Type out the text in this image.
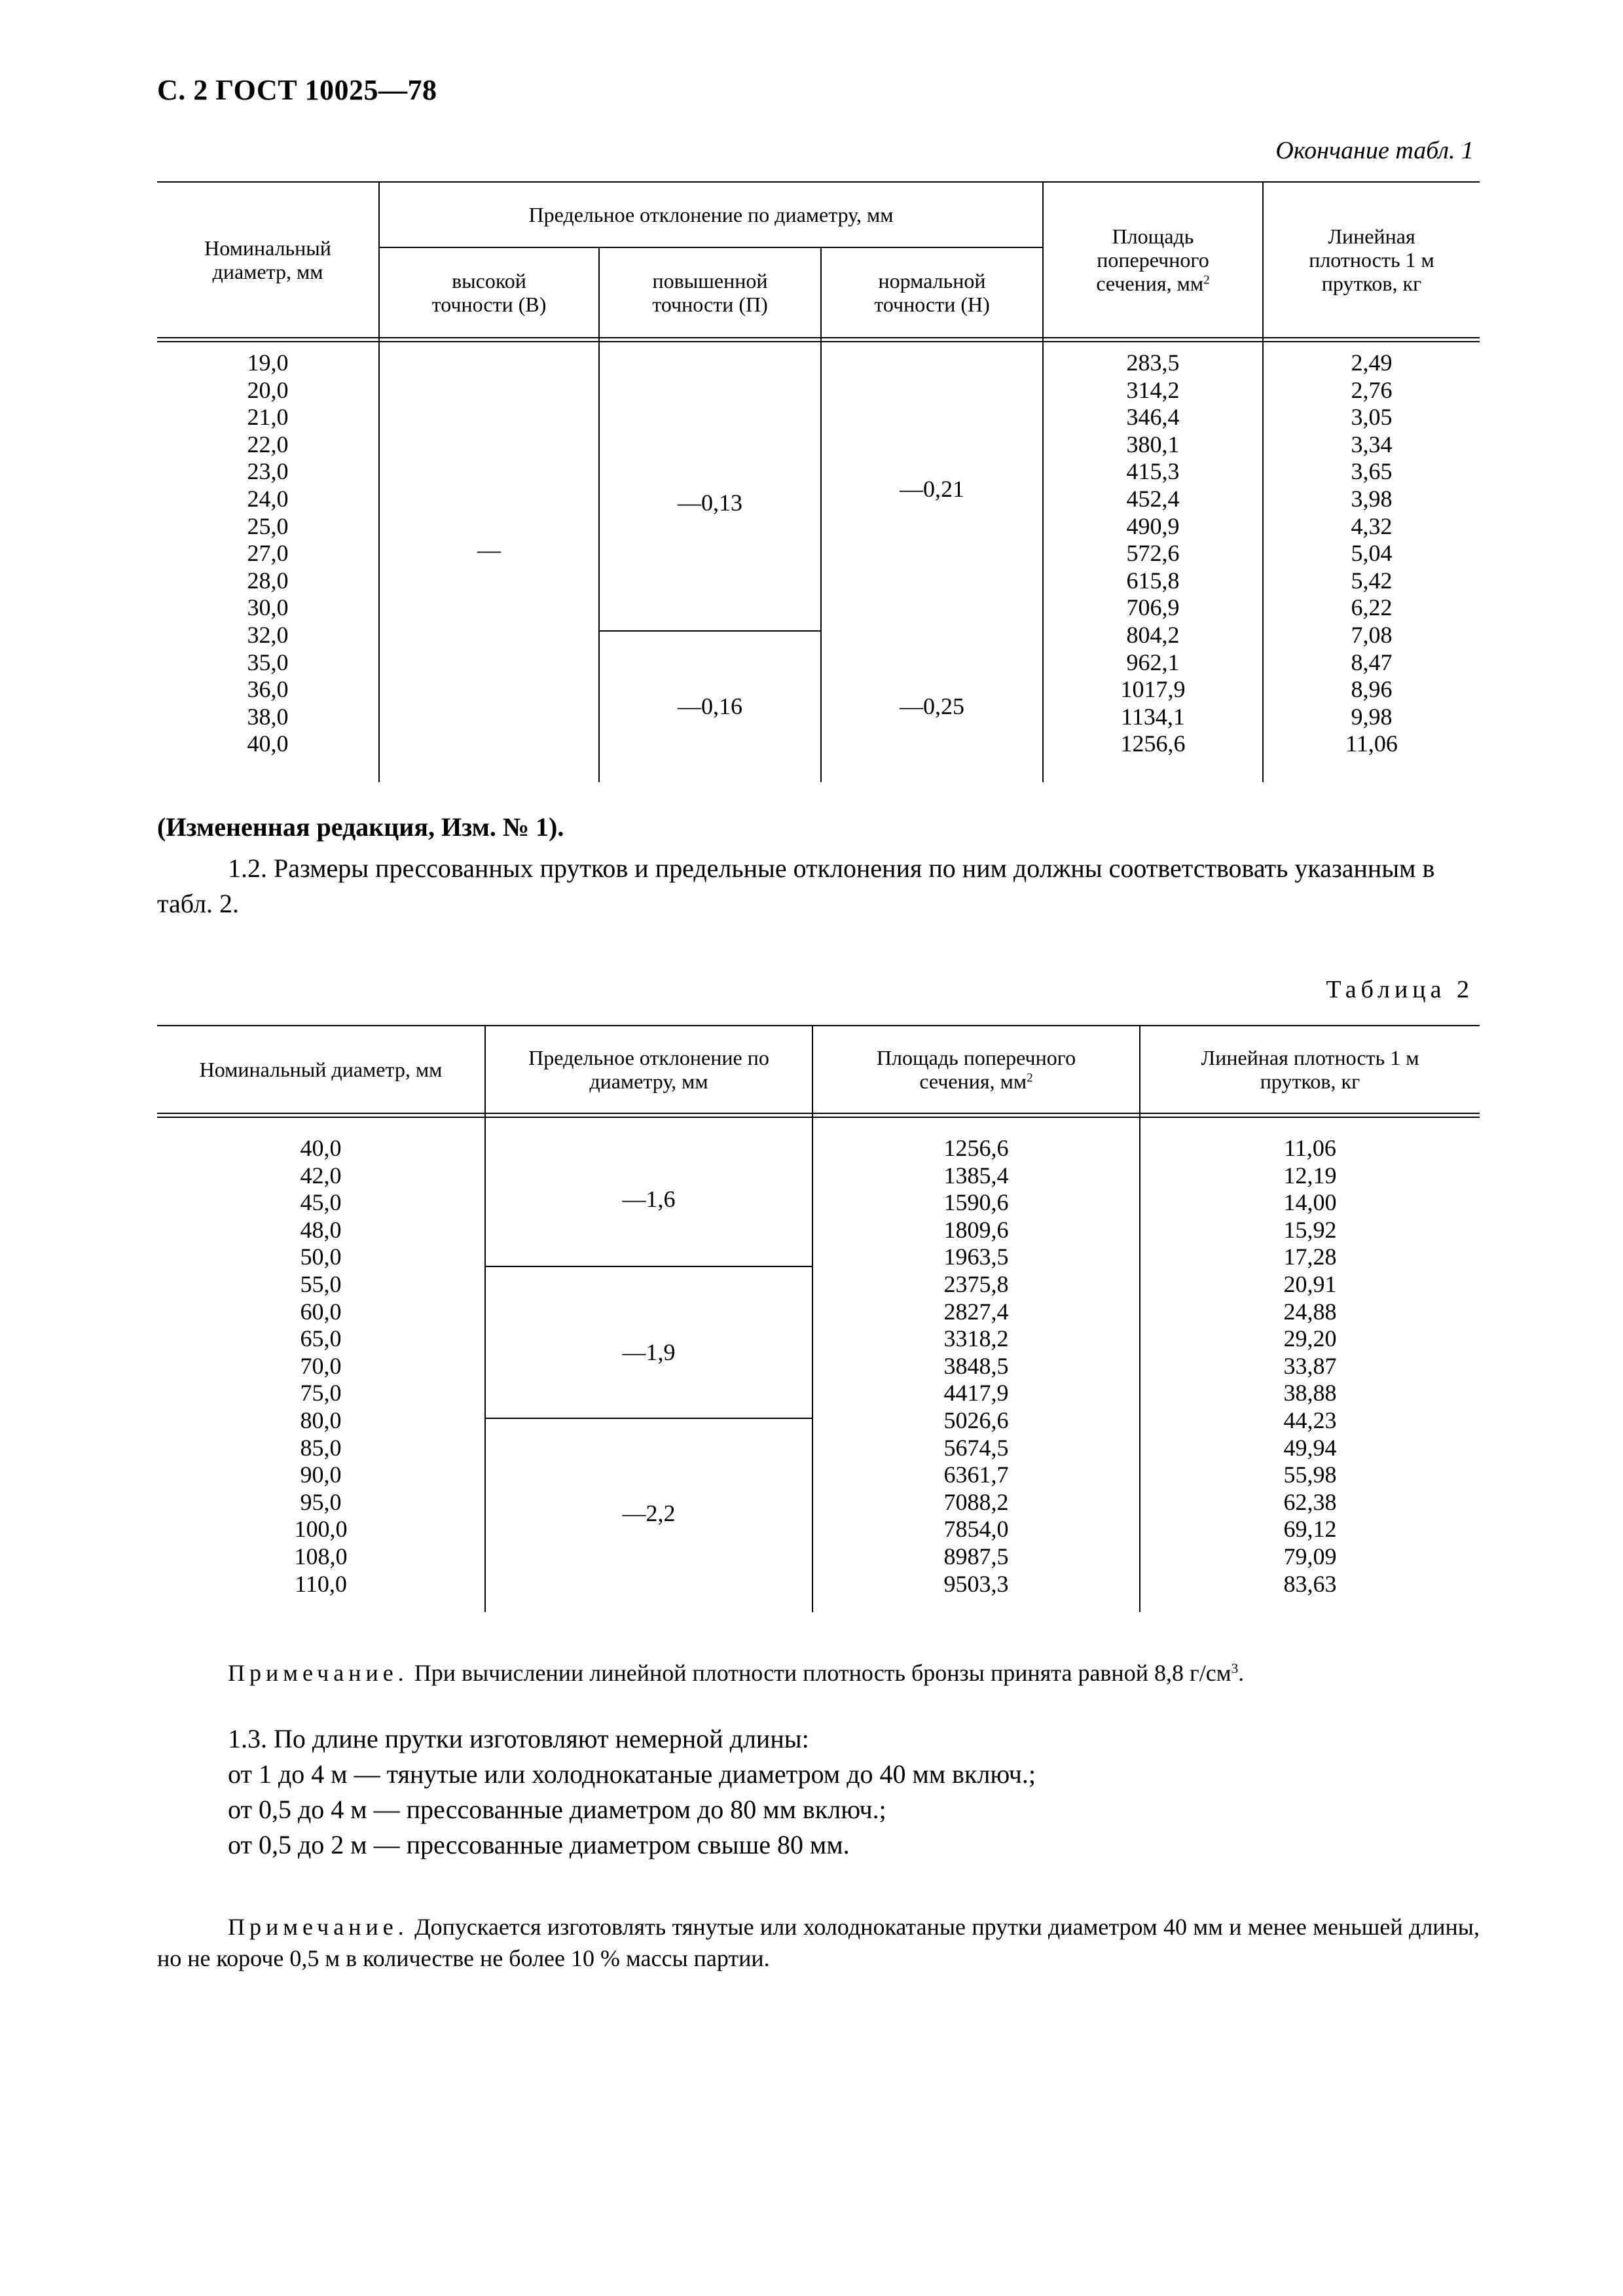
С. 2 ГОСТ 10025—78
Окончание табл. 1
Номинальный диаметр, мм
Предельное отклонение по диаметру, мм
высокой точности (В)
повышенной точности (П)
нормальной точности (Н)
Площадь поперечного сечения, $мм^2$
Линейная плотность 1 м прутков, кг
19,0
20,0
21,0
22,0
23,0
24,0
25,0
27,0
28,0
30,0
32,0
35,0
36,0
38,0
40,0
283,5
314,2
346,4
380,1
415,3
452,4
490,9
572,6
615,8
706,9
804,2
962,1
1017,9
1134,1
1256,6
2,49
2,76
3,05
3,34
3,65
3,98
4,32
5,04
5,42
6,22
7,08
8,47
8,96
9,98
11,06
—
—0,13
—0,21
—0,16	—0,25
(Измененная редакция, Изм. № 1).
1.2. Размеры прессованных прутков и предельные отклонения по ним должны соответствовать указанным в табл. 2.
Таблица 2
Номинальный диаметр, мм	Предельное отклонение по диаметру, мм
Площадь поперечного сечения, $мм^2$
Линейная плотность 1 м прутков, кг
40,0
42,0
45,0
48,0
50,0
55,0
60,0
65,0
70,0
75,0
80,0
85,0
90,0
95,0
100,0
108,0
110,0
1256,6
1385,4
1590,6
1809,6
1963,5
2375,8
2827,4
3318,2
3848,5
4417,9
5026,6
5674,5
6361,7
7088,2
7854,0
8987,5
9503,3
11,06
12,19
14,00
15,92
17,28
20,91
24,88
29,20
33,87
38,88
44,23
49,94
55,98
62,38
69,12
79,09
83,63
—1,6
—1,9
—2,2
Примечание. При вычислении линейной плотности плотность бронзы принята равной 8,8 $г/см^3$.
1.3. По длине прутки изготовляют немерной длины:
от 1 до 4 м — тянутые или холоднокатаные диаметром до 40 мм включ.;
от 0,5 до 4 м — прессованные диаметром до 80 мм включ.;
от 0,5 до 2 м — прессованные диаметром свыше 80 мм.
Примечание. Допускается изготовлять тянутые или холоднокатаные прутки диаметром 40 мм и менее меньшей длины, но не короче 0,5 м в количестве не более 10 % массы партии.
